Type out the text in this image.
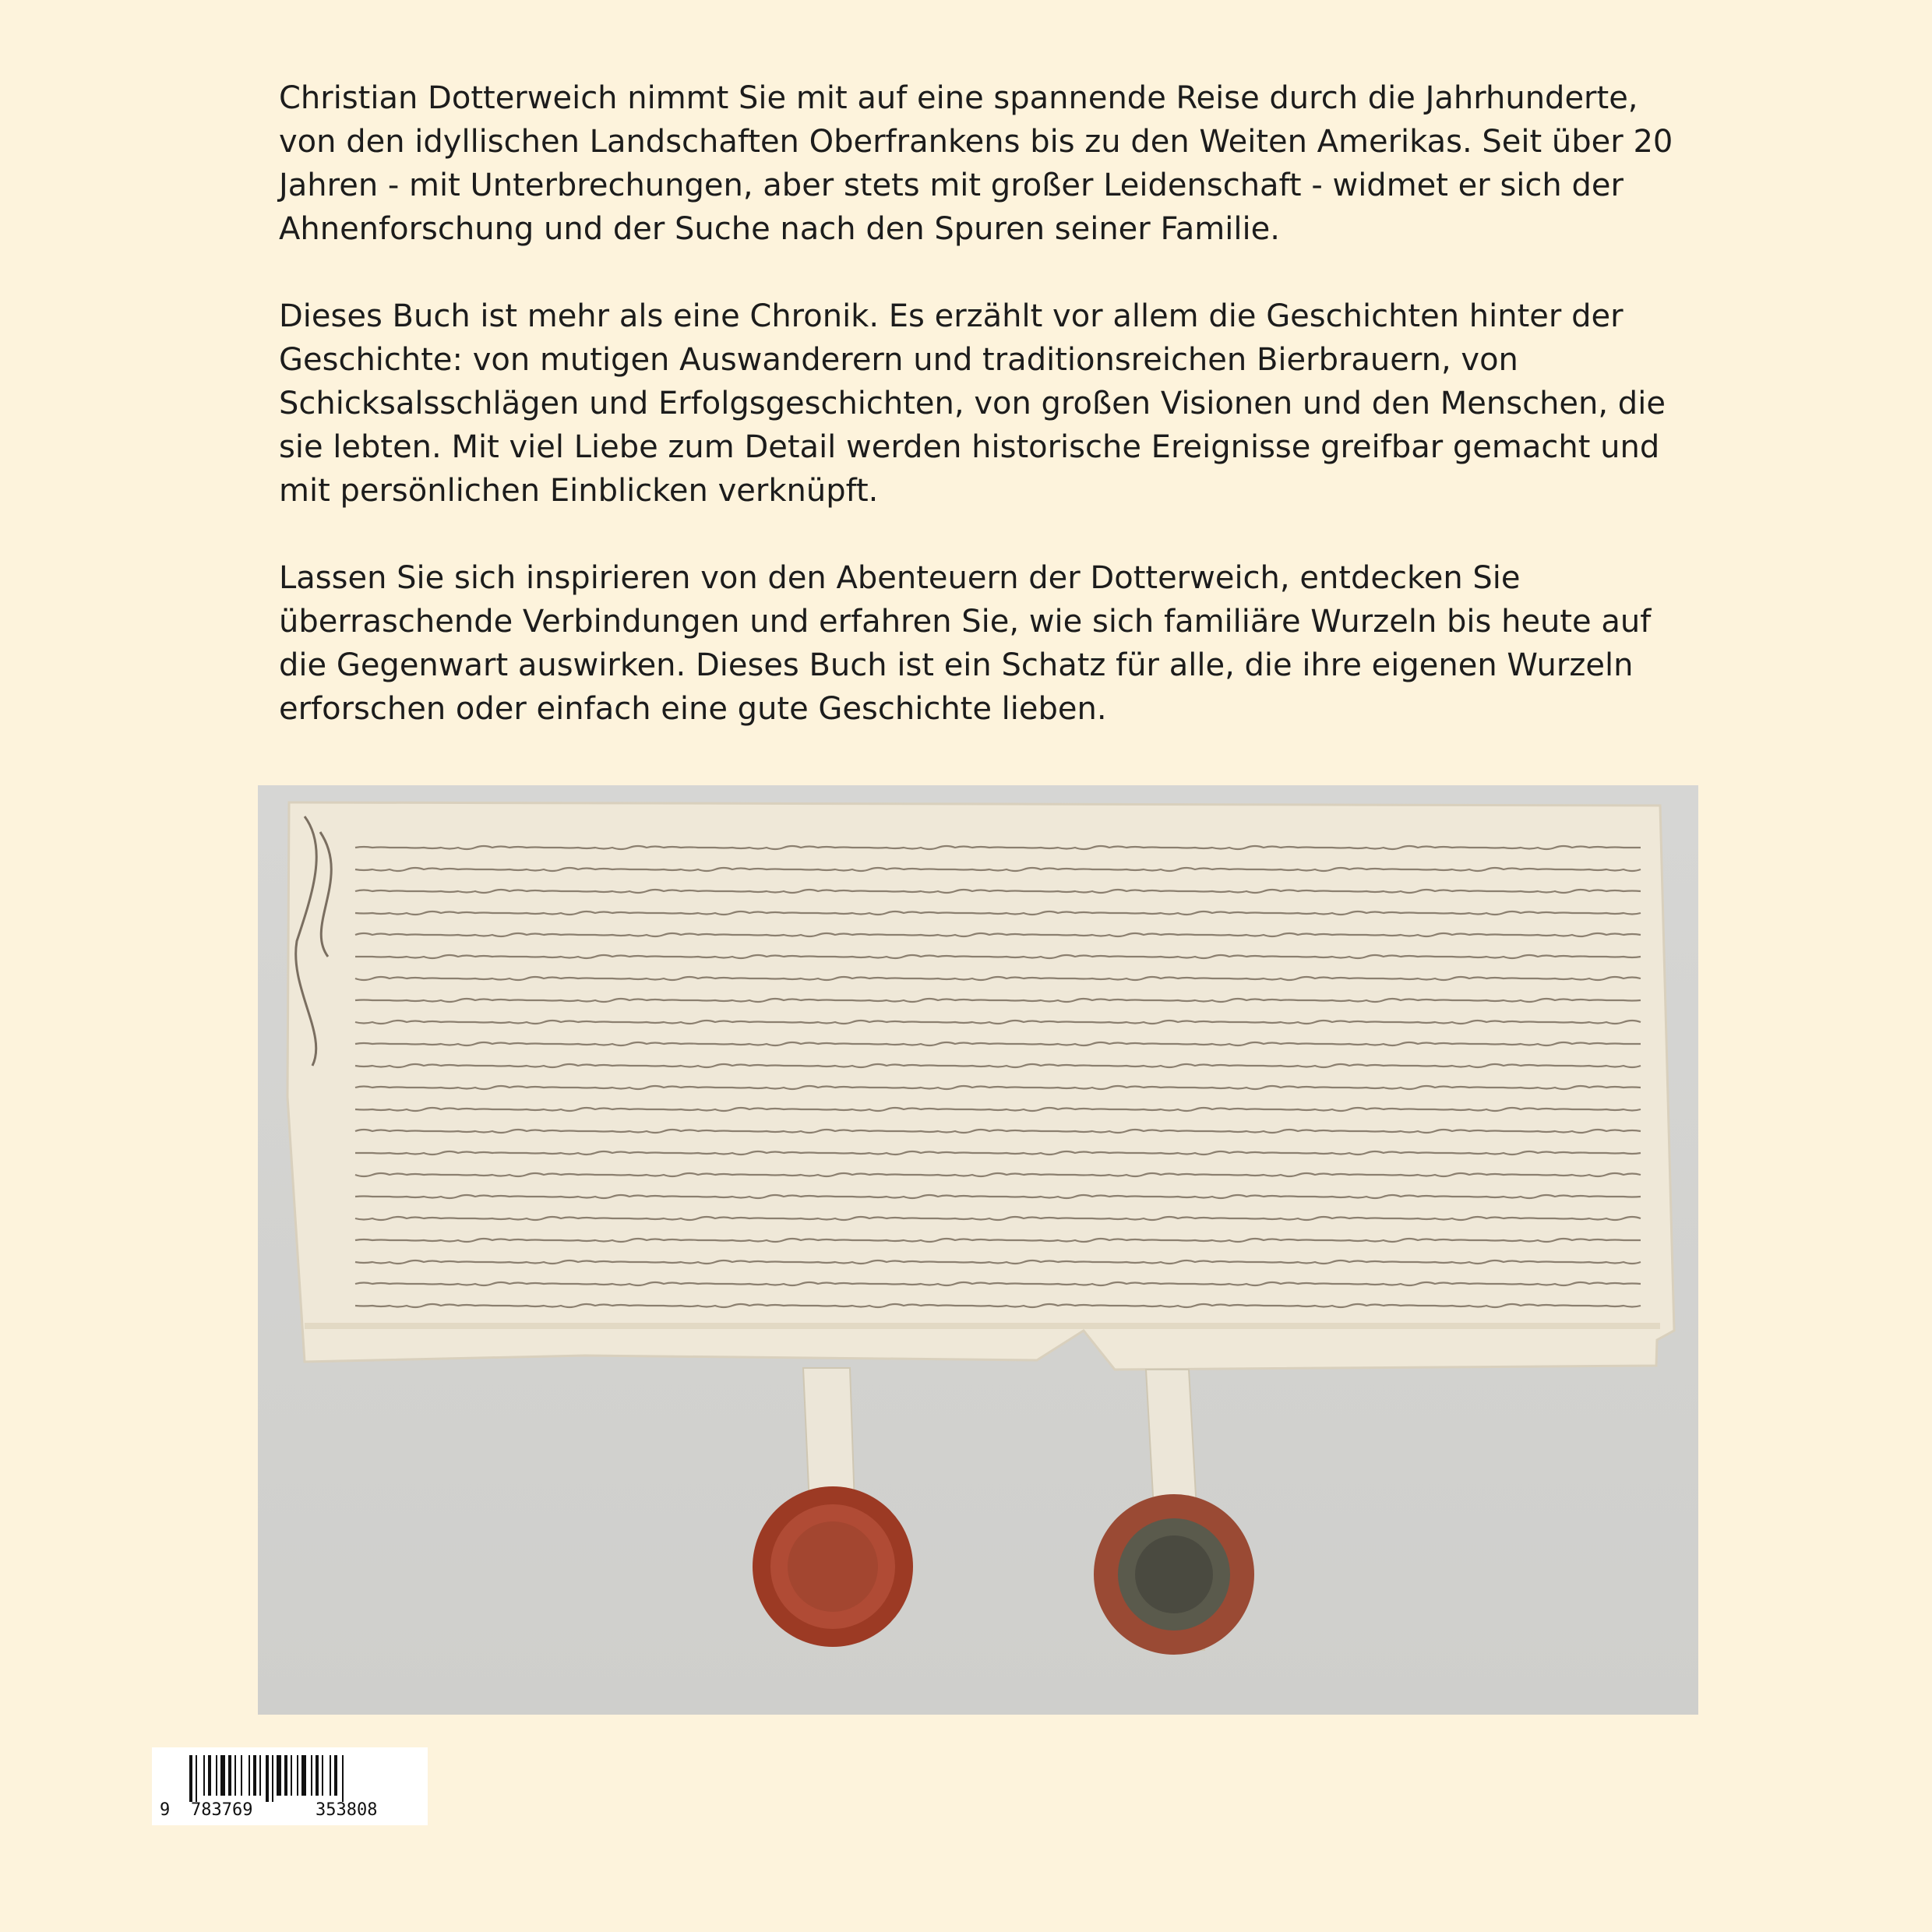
Christian Dotterweich nimmt Sie mit auf eine spannende Reise durch die Jahrhunderte, von den idyllischen Landschaften Oberfrankens bis zu den Weiten Amerikas. Seit über 20 Jahren - mit Unterbrechungen, aber stets mit großer Leidenschaft - widmet er sich der Ahnenforschung und der Suche nach den Spuren seiner Familie.

Dieses Buch ist mehr als eine Chronik. Es erzählt vor allem die Geschichten hinter der Geschichte: von mutigen Auswanderern und traditionsreichen Bierbrauern, von Schicksalsschlägen und Erfolgsgeschichten, von großen Visionen und den Menschen, die sie lebten. Mit viel Liebe zum Detail werden historische Ereignisse greifbar gemacht und mit persönlichen Einblicken verknüpft.

Lassen Sie sich inspirieren von den Abenteuern der Dotterweich, entdecken Sie überraschende Verbindungen und erfahren Sie, wie sich familiäre Wurzeln bis heute auf die Gegenwart auswirken. Dieses Buch ist ein Schatz für alle, die ihre eigenen Wurzeln erforschen oder einfach eine gute Geschichte lieben.

9 783769	353808
